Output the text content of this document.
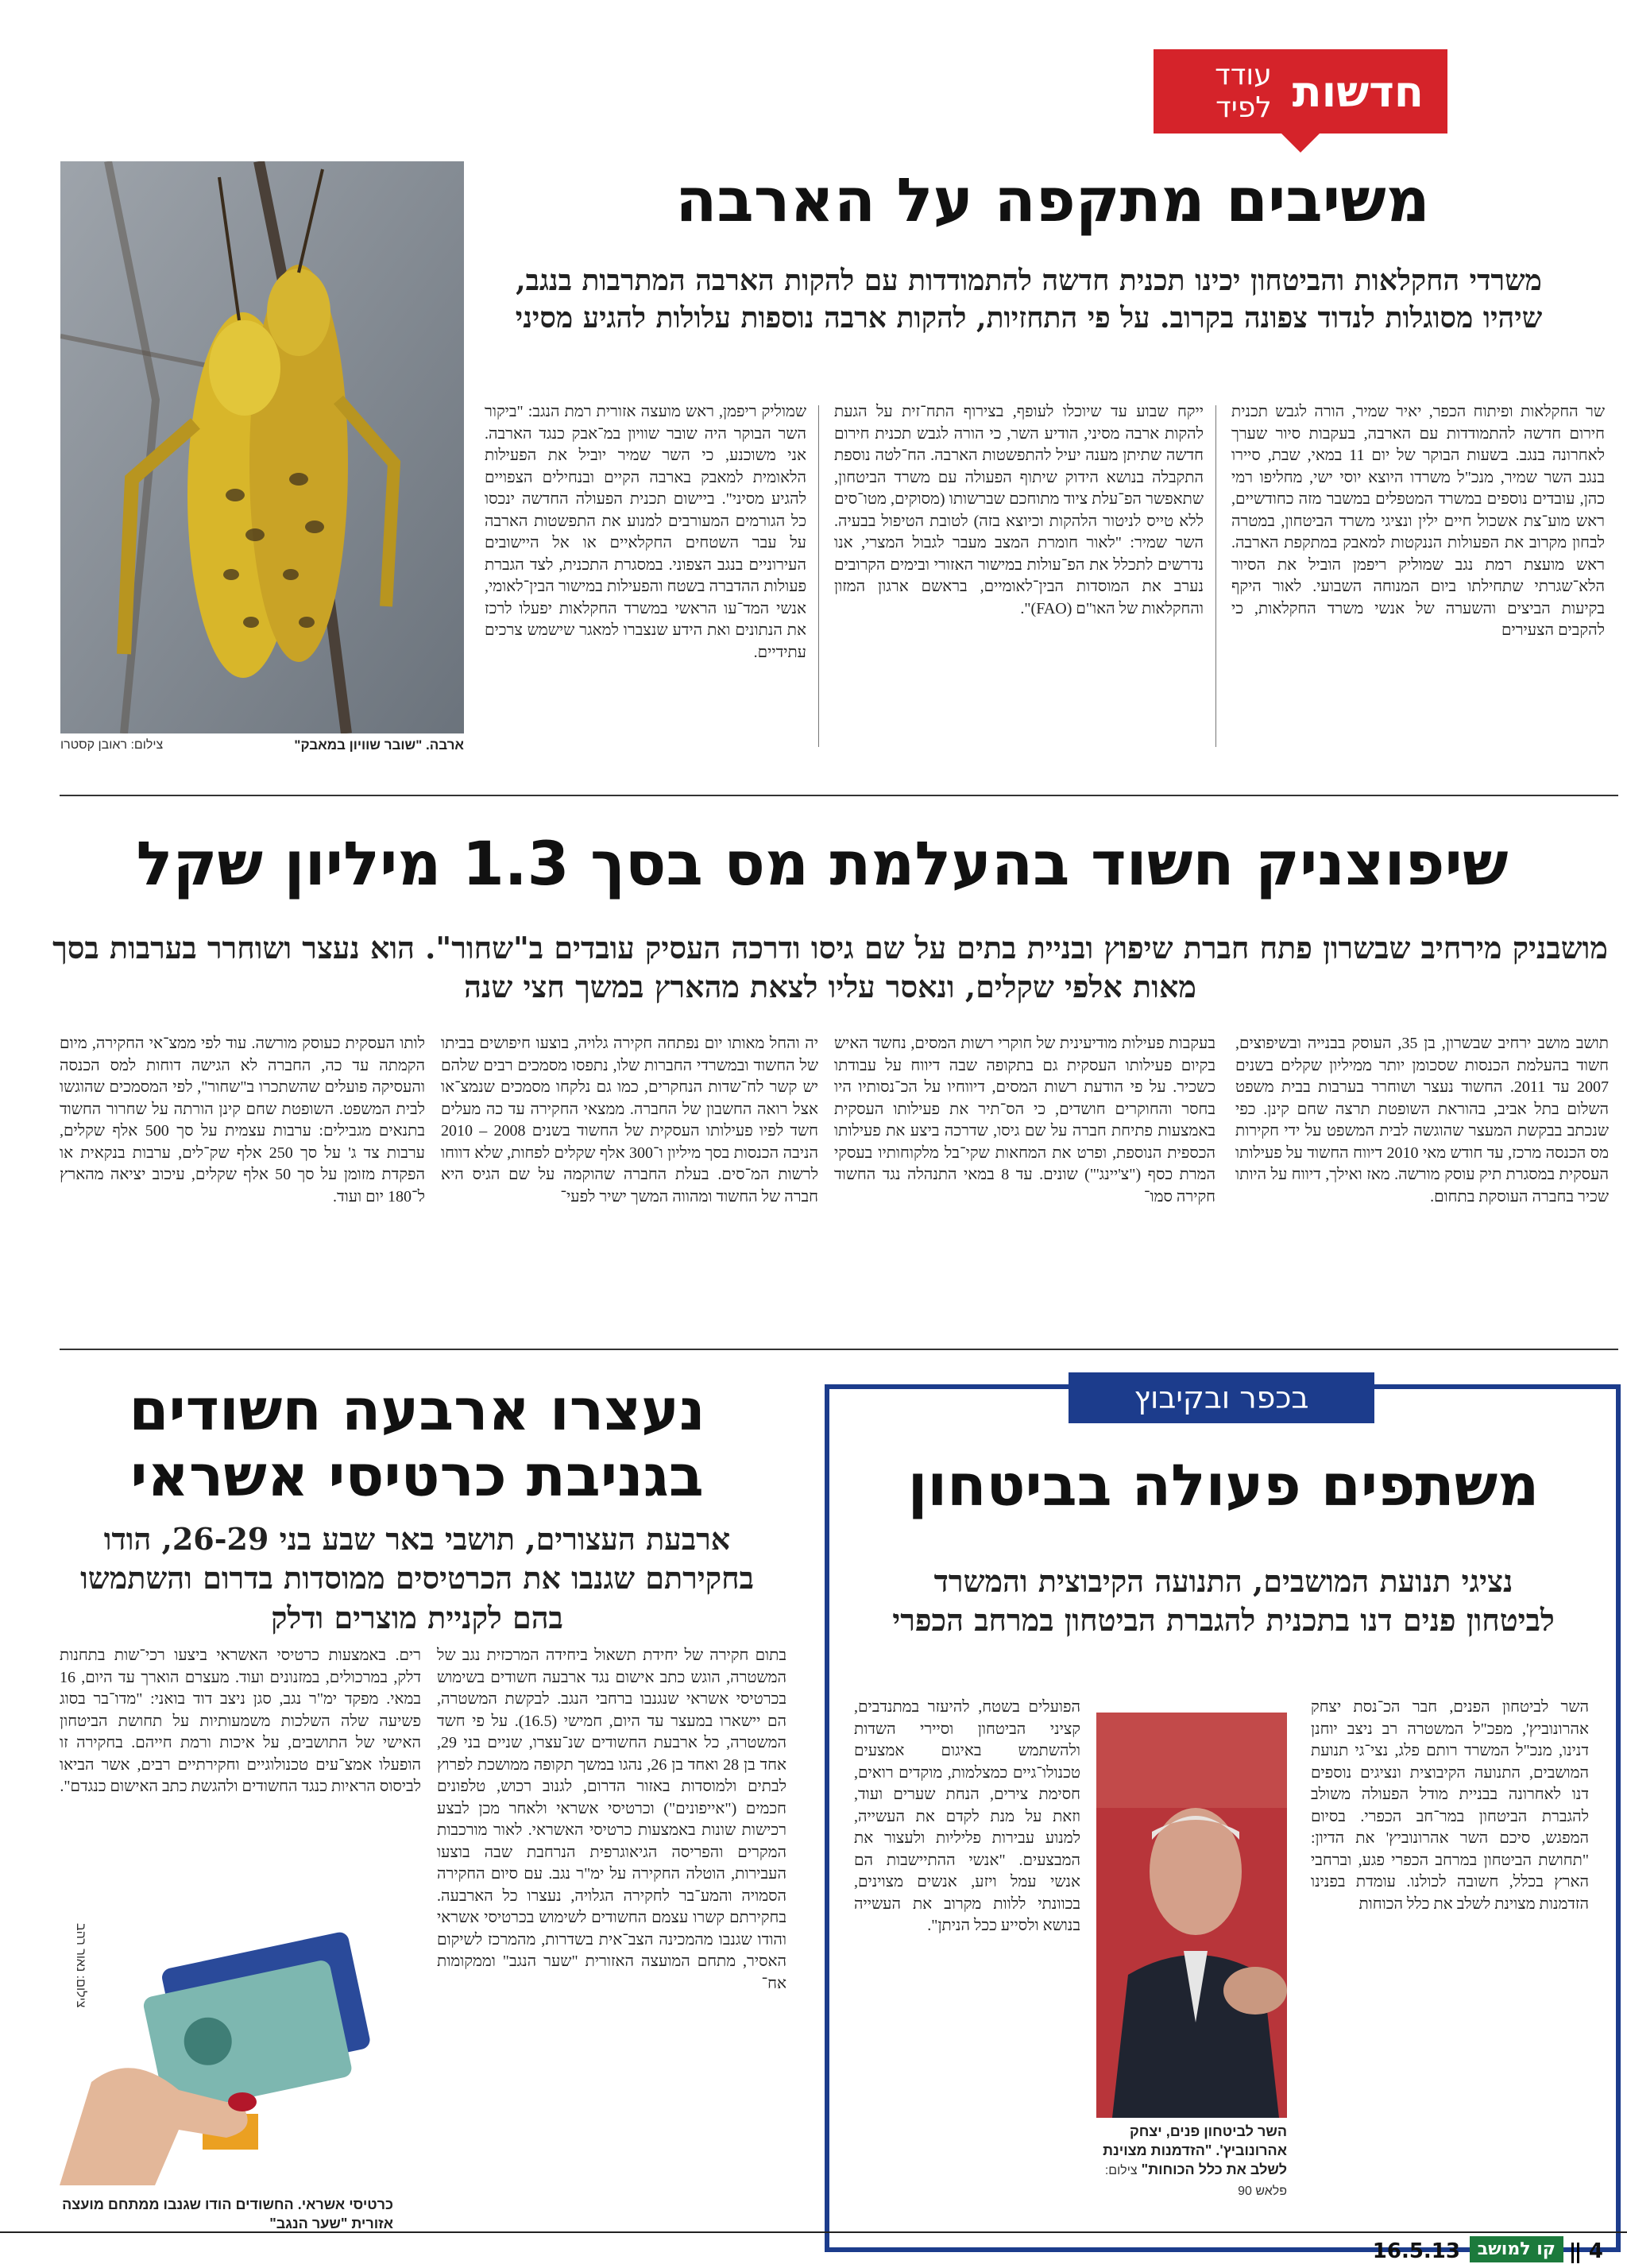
חדשות
עודד לפיד
ארבה. "שובר שוויון במאבק"
צילום: ראובן קסטרו
משיבים מתקפה על הארבה
משרדי החקלאות והביטחון יכינו תכנית חדשה להתמודדות עם להקות הארבה המתרבות בנגב, שיהיו מסוגלות לנדוד צפונה בקרוב. על פי התחזיות, להקות ארבה נוספות עלולות להגיע מסיני

שר החקלאות ופיתוח הכפר, יאיר שמיר, הורה לגבש תכנית חירום חדשה להתמודדות עם הארבה, בעקבות סיור שערך לאחרונה בנגב. בשעות הבוקר של יום 11 במאי, שבת, סיירו בנגב השר שמיר, מנכ"ל משרדו היוצא יוסי ישי, מחליפו רמי כהן, עובדים נוספים במשרד המטפלים במשבר מזה כחודשיים, ראש מוע־צת אשכול חיים ילין ונציגי משרד הביטחון, במטרה לבחון מקרוב את הפעולות הננקטות למאבק במתקפת הארבה. ראש מועצת רמת נגב שמוליק ריפמן הוביל את הסיור הלא־שגרתי שתחילתו ביום המנוחה השבועי. לאור היקף בקיעות הביצים והשערה של אנשי משרד החקלאות, כי להקבים הצעירים

ייקח שבוע עד שיוכלו לעופף, בצירוף התח־זית על הגעת להקות ארבה מסיני, הודיע השר, כי הורה לגבש תכנית חירום חדשה שתיתן מענה יעיל להתפשטות הארבה. הח־לטה נוספת התקבלה בנושא הידוק שיתוף הפעולה עם משרד הביטחון, שתאפשר הפ־עלת ציוד מתוחכם שברשותו (מסוקים, מטו־סים ללא טייס לניטור הלהקות וכיוצא בזה) לטובת הטיפול בבעיה. השר שמיר: "לאור חומרת המצב מעבר לגבול המצרי, אנו נדרשים לתכלל את הפ־עולות במישור האזורי ובימים הקרובים נערב את המוסדות הבין־לאומיים, בראשם ארגון המזון והחקלאות של האו"ם (FAO)".

שמוליק ריפמן, ראש מועצה אזורית רמת הנגב: "ביקור השר הבוקר היה שובר שוויון במ־אבק כנגד הארבה. אני משוכנע, כי השר שמיר יוביל את הפעילות הלאומית למאבק בארבה הקיים ובנחילים הצפויים להגיע מסיני". ביישום תכנית הפעולה החדשה ינכסו כל הגורמים המעורבים למנוע את התפשטות הארבה על עבר השטחים החקלאיים או אל היישובים העירוניים בנגב הצפוני. במסגרת התכנית, לצד הגברת פעולות ההדברה בשטח והפעילות במישור הבין־לאומי, אנשי המד־עו הראשי במשרד החקלאות יפעלו לרכז את הנתונים ואת הידע שנצברו למאגר שישמש צרכים עתידיים.

שיפוצניק חשוד בהעלמת מס בסך 1.3 מיליון שקל
מושבניק מירחיב שבשרון פתח חברת שיפוץ ובניית בתים על שם גיסו ודרכה העסיק עובדים ב"שחור". הוא נעצר ושוחרר בערבות בסך מאות אלפי שקלים, ונאסר עליו לצאת מהארץ במשך חצי שנה

תושב מושב ירחיב שבשרון, בן 35, העוסק בבנייה ובשיפוצים, חשוד בהעלמת הכנסות שסכומן יותר ממיליון שקלים בשנים 2007 עד 2011. החשוד נעצר ושוחרר בערבות בבית משפט השלום בתל אביב, בהוראת השופטת תרצה שחם קינן. כפי שנכתב בבקשת המעצר שהוגשה לבית המשפט על ידי חקירות מס הכנסה מרכז, עד חודש מאי 2010 דיווח החשוד על פעילותו העסקית במסגרת תיק עוסק מורשה. מאז ואילך, דיווח על היותו שכיר בחברה העוסקת בתחום.

בעקבות פעילות מודיעינית של חוקרי רשות המסים, נחשד האיש בקיום פעילותו העסקית גם בתקופה שבה דיווח על עבודתו כשכיר. על פי הודעת רשות המסים, דיווחיו על הכ־נסותיו היו בחסר והחוקרים חושדים, כי הס־תיר את פעילותו העסקית באמצעות פתיחת חברה על שם גיסו, שדרכה ביצע את פעילותו הכספית הנוספת, ופרט את המחאות שקי־בל מלקוחותיו בעסקי המרת כסף ("צ'יינג'") שונים. עד 8 במאי התנהלה נגד החשוד חקירה סמו־

יה והחל מאותו יום נפתחה חקירה גלויה, בוצעו חיפושים בביתו של החשוד ובמשרדי החברות שלו, נתפסו מסמכים רבים שלהם יש קשר לח־שדות הנחקרים, כמו גם נלקחו מסמכים שנמצ־או אצל רואה החשבון של החברה. ממצאי החקירה עד כה מעלים חשד לפיו פעילותו העסקית של החשוד בשנים 2008 – 2010 הניבה הכנסות בסך מיליון ו־300 אלף שקלים לפחות, שלא דווחו לרשות המ־סים. בעלת החברה שהוקמה על שם הגיס היא חברה של החשוד ומהווה המשך ישיר לפעי־

לותו העסקית כעוסק מורשה. עוד לפי ממצ־אי החקירה, מיום הקמתה עד כה, החברה לא הגישה דוחות למס הכנסה והעסיקה פועלים שהשתכרו ב"שחור", לפי המסמכים שהוגשו לבית המשפט. השופטת שחם קינן הורתה על שחרור החשוד בתנאים מגבילים: ערבות עצמית על סך 500 אלף שקלים, ערבות צד ג' על סך 250 אלף שק־לים, ערבות בנקאית או הפקדת מזומן על סך 50 אלף שקלים, עיכוב יציאה מהארץ ל־180 יום ועוד.

בכפר ובקיבוץ
משתפים פעולה בביטחון
נציגי תנועת המושבים, התנועה הקיבוצית והמשרד לביטחון פנים דנו בתכנית להגברת הביטחון במרחב הכפרי

השר לביטחון הפנים, חבר הכ־נסת יצחק אהרונוביץ', מפכ"ל המשטרה רב ניצב יוחנן דנינו, מנכ"ל המשרד רותם פלג, נצי־גי תנועת המושבים, התנועה הקיבוצית ונציגים נוספים דנו לאחרונה בבניית מודל הפעולה משולב להגברת הביטחון במר־חב הכפרי. בסיום המפגש, סיכם השר אהרונוביץ' את הדיון: "תחושת הביטחון במרחב הכפרי פגע, וברחבי הארץ בכלל, חשובה לכולנו. עומדת בפנינו הזדמנות מצוינת לשלב את כלל הכוחות

השר לביטחון פנים, יצחק אהרונוביץ'. "הזדמנות מצוינת לשלב את כלל הכוחות" צילום: פלאש 90

הפועלים בשטח, להיעזר במתנדבים, קציני הביטחון וסיירי השדות ולהשתמש באיגום אמצעים טכנולו־גיים כמצלמות, מוקדים רואים, חסימת צירים, הנחת שערים ועוד, וזאת על מנת לקדם את העשייה, למנוע עבירות פליליות ולעצור את המבצעים. "אנשי ההתיישבות הם אנשי עמל ויזע, אנשים מצוינים, בכוונתי ללוות מקרוב את העשייה בנושא ולסייע ככל הניתן".

נעצרו ארבעה חשודים
בגניבת כרטיסי אשראי
ארבעת העצורים, תושבי באר שבע בני 26-29, הודו בחקירתם שגנבו את הכרטיסים ממוסדות בדרום והשתמשו בהם לקניית מוצרים ודלק

בתום חקירה של יחידת תשאול ביחידה המרכזית נגב של המשטרה, הוגש כתב אישום נגד ארבעה חשודים בשימוש בכרטיסי אשראי שנגנבו ברחבי הנגב. לבקשת המשטרה, הם יישארו במעצר עד היום, חמישי (16.5). על פי חשד המשטרה, כל ארבעת החשודים שנ־עצרו, שניים בני 29, אחד בן 28 ואחד בן 26, נהגו במשך תקופה ממושכת לפרוץ לבתים ולמוסדות באזור הדרום, לגנוב רכוש, טלפונים חכמים ("אייפונים") וכרטיסי אשראי ולאחר מכן לבצע רכישות שונות באמצעות כרטיסי האשראי. לאור מורכבות המקרים והפריסה הגיאוגרפית הנרחבת שבה בוצעו העבירות, הוטלה החקירה על ימ"ר נגב. עם סיום החקירה הסמויה והמע־בר לחקירה הגלויה, נעצרו כל הארבעה. בחקירתם קשרו עצמם החשודים לשימוש בכרטיסי אשראי והודו שגנבו מהמכינה הצב־אית בשדרות, מהמרכז לשיקום האסיר, מתחם המועצה האזורית "שער הנגב" וממקומות אח־

רים. באמצעות כרטיסי האשראי ביצעו רכי־שות בתחנות דלק, במרכולים, במזנונים ועוד. מעצרם הוארך עד היום, 16 במאי. מפקד ימ"ר נגב, סגן ניצב דוד בואני: "מדו־בר בסוג פשיעה שלה השלכות משמעותיות על תחושת הביטחון האישי של התושבים, על איכות ורמת חייהם. בחקירה זו הופעלו אמצ־עים טכנולוגיים וחקירתיים רבים, אשר הביאו לביסוס הראיות כנגד החשודים ולהגשת כתב האישום כנגדם".

צילום: נאור רהב
כרטיסי אשראי. החשודים הודו שגנבו ממתחם מועצה אזורית "שער הנגב"
4
קו למושב
16.5.13
